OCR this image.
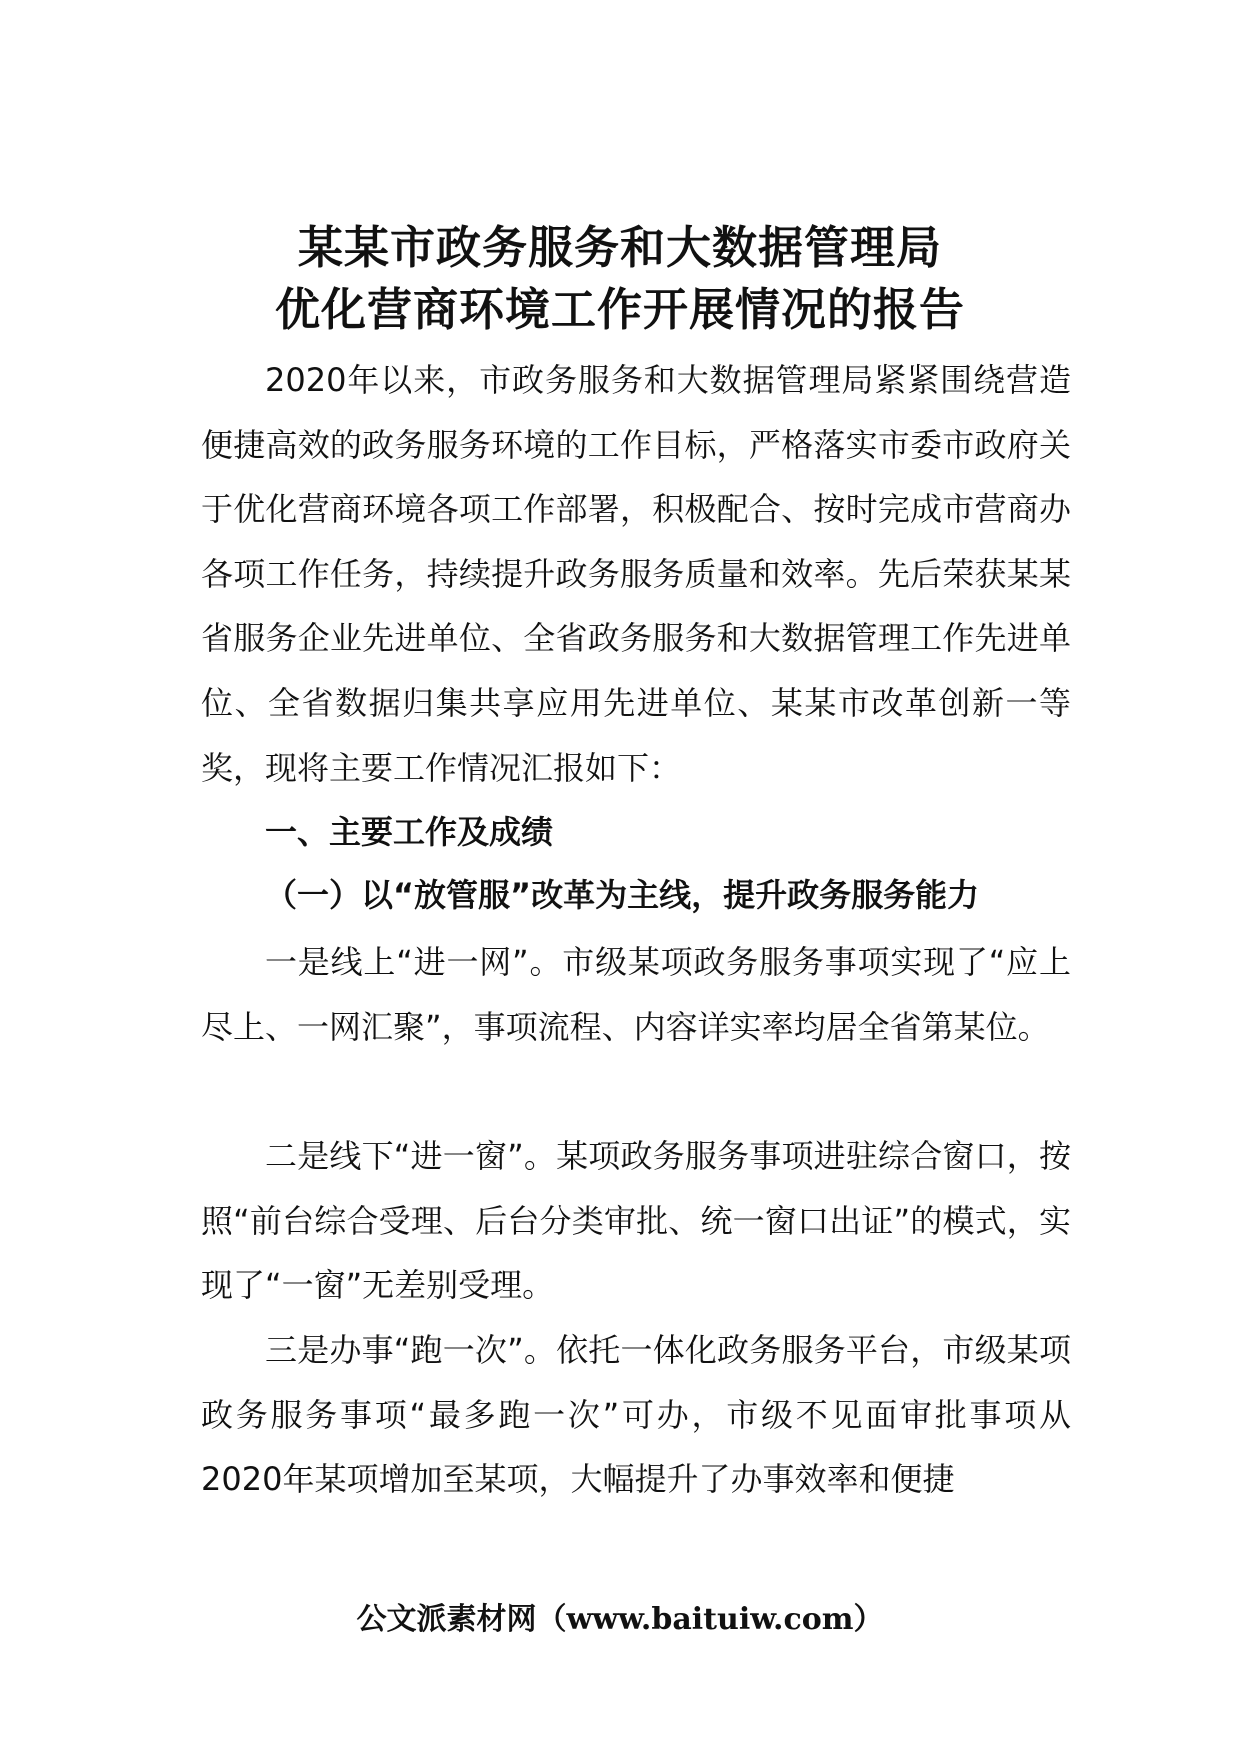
某某市政务服务和大数据管理局
优化营商环境工作开展情况的报告

2020年以来，市政务服务和大数据管理局紧紧围绕营造便捷高效的政务服务环境的工作目标，严格落实市委市政府关于优化营商环境各项工作部署，积极配合、按时完成市营商办各项工作任务，持续提升政务服务质量和效率。先后荣获某某省服务企业先进单位、全省政务服务和大数据管理工作先进单位、全省数据归集共享应用先进单位、某某市改革创新一等奖，现将主要工作情况汇报如下：

一、主要工作及成绩
（一）以“放管服”改革为主线，提升政务服务能力

一是线上“进一网”。市级某项政务服务事项实现了“应上尽上、一网汇聚”，事项流程、内容详实率均居全省第某位。

二是线下“进一窗”。某项政务服务事项进驻综合窗口，按照“前台综合受理、后台分类审批、统一窗口出证”的模式，实现了“一窗”无差别受理。

三是办事“跑一次”。依托一体化政务服务平台，市级某项政务服务事项“最多跑一次”可办，市级不见面审批事项从2020年某项增加至某项，大幅提升了办事效率和便捷

公文派素材网（www.baituiw.com）
